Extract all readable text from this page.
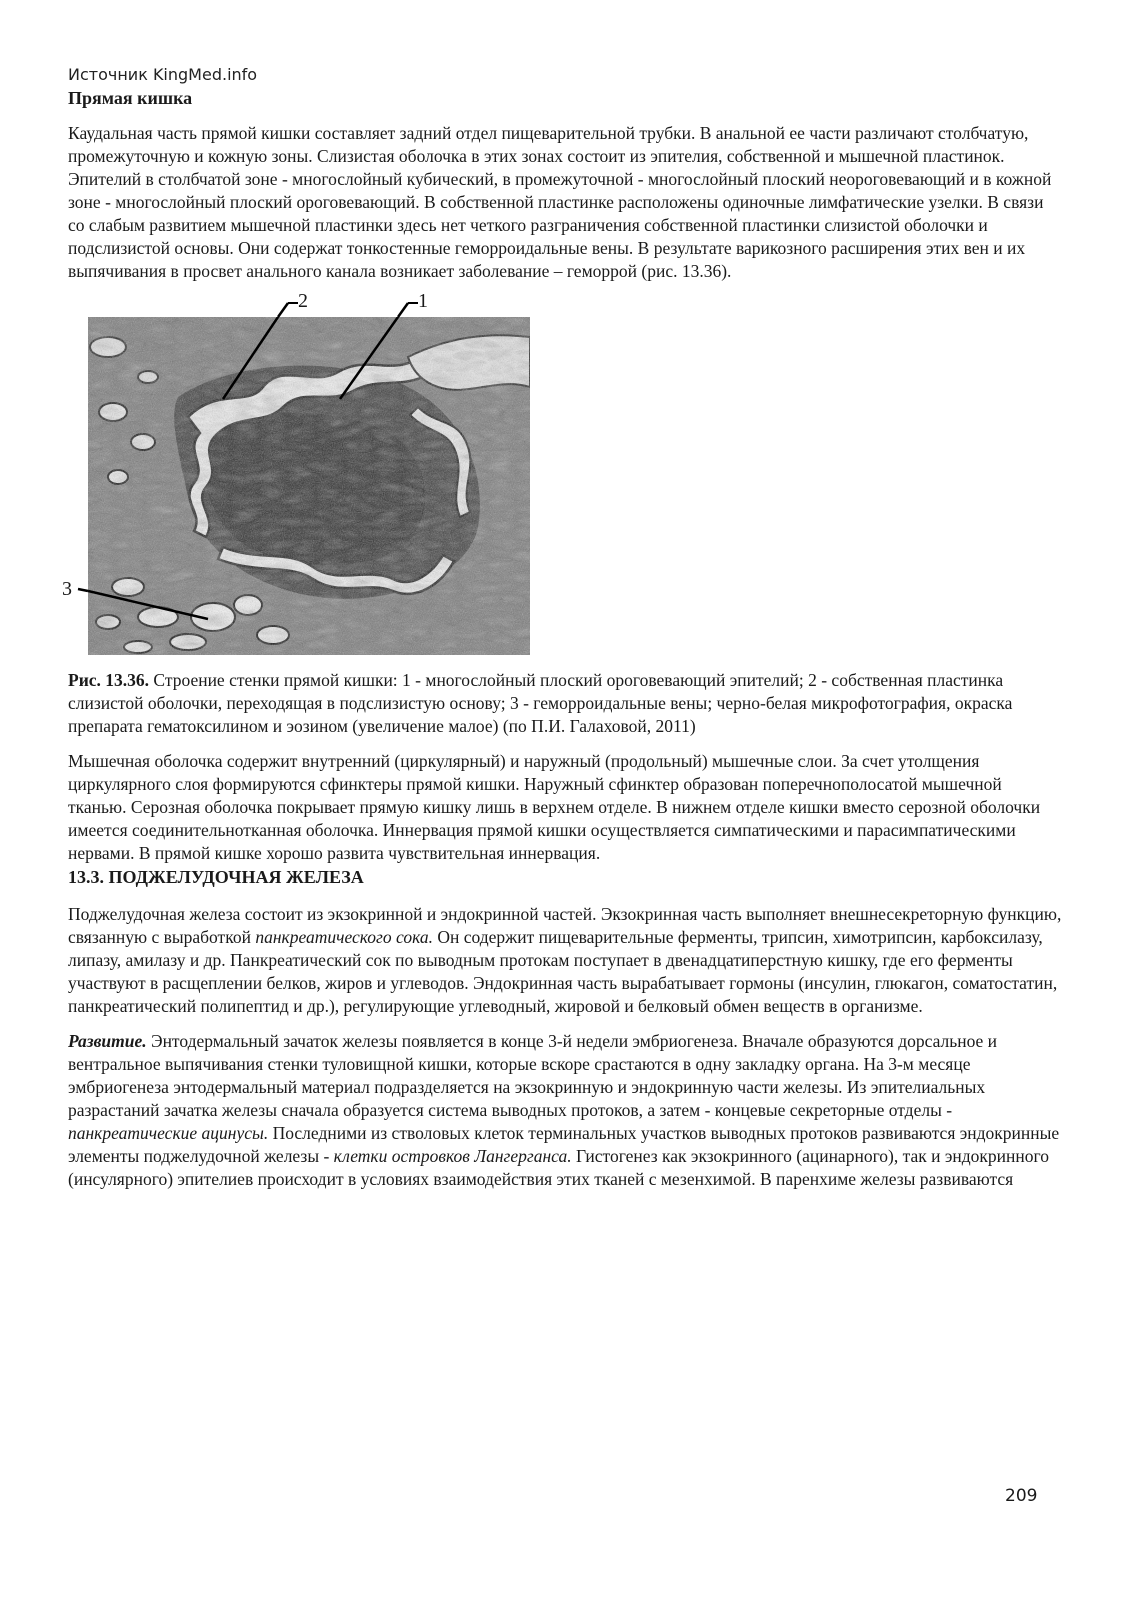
Источник KingMed.info
Прямая кишка

Каудальная часть прямой кишки составляет задний отдел пищеварительной трубки. В анальной ее части различают столбчатую, промежуточную и кожную зоны. Слизистая оболочка в этих зонах состоит из эпителия, собственной и мышечной пластинок. Эпителий в столбчатой зоне - многослойный кубический, в промежуточной - многослойный плоский неороговевающий и в кожной зоне - многослойный плоский ороговевающий. В собственной пластинке расположены одиночные лимфатические узелки. В связи со слабым развитием мышечной пластинки здесь нет четкого разграничения собственной пластинки слизистой оболочки и подслизистой основы. Они содержат тонкостенные геморроидальные вены. В результате варикозного расширения этих вен и их выпячивания в просвет анального канала возникает заболевание – геморрой (рис. 13.36).

2	1
3

Рис. 13.36. Строение стенки прямой кишки: 1 - многослойный плоский ороговевающий эпителий; 2 - собственная пластинка слизистой оболочки, переходящая в подслизистую основу; 3 - геморроидальные вены; черно-белая микрофотография, окраска препарата гематоксилином и эозином (увеличение малое) (по П.И. Галаховой, 2011)

Мышечная оболочка содержит внутренний (циркулярный) и наружный (продольный) мышечные слои. За счет утолщения циркулярного слоя формируются сфинктеры прямой кишки. Наружный сфинктер образован поперечнополосатой мышечной тканью. Серозная оболочка покрывает прямую кишку лишь в верхнем отделе. В нижнем отделе кишки вместо серозной оболочки имеется соединительнотканная оболочка. Иннервация прямой кишки осуществляется симпатическими и парасимпатическими нервами. В прямой кишке хорошо развита чувствительная иннервация.

13.3. ПОДЖЕЛУДОЧНАЯ ЖЕЛЕЗА

Поджелудочная железа состоит из экзокринной и эндокринной частей. Экзокринная часть выполняет внешнесекреторную функцию, связанную с выработкой панкреатического сока. Он содержит пищеварительные ферменты, трипсин, химотрипсин, карбоксилазу, липазу, амилазу и др. Панкреатический сок по выводным протокам поступает в двенадцатиперстную кишку, где его ферменты участвуют в расщеплении белков, жиров и углеводов. Эндокринная часть вырабатывает гормоны (инсулин, глюкагон, соматостатин, панкреатический полипептид и др.), регулирующие углеводный, жировой и белковый обмен веществ в организме.

Развитие. Энтодермальный зачаток железы появляется в конце 3-й недели эмбриогенеза. Вначале образуются дорсальное и вентральное выпячивания стенки туловищной кишки, которые вскоре срастаются в одну закладку органа. На 3-м месяце эмбриогенеза энтодермальный материал подразделяется на экзокринную и эндокринную части железы. Из эпителиальных разрастаний зачатка железы сначала образуется система выводных протоков, а затем - концевые секреторные отделы - панкреатические ацинусы. Последними из стволовых клеток терминальных участков выводных протоков развиваются эндокринные элементы поджелудочной железы - клетки островков Лангерганса. Гистогенез как экзокринного (ацинарного), так и эндокринного (инсулярного) эпителиев происходит в условиях взаимодействия этих тканей с мезенхимой. В паренхиме железы развиваются

209
